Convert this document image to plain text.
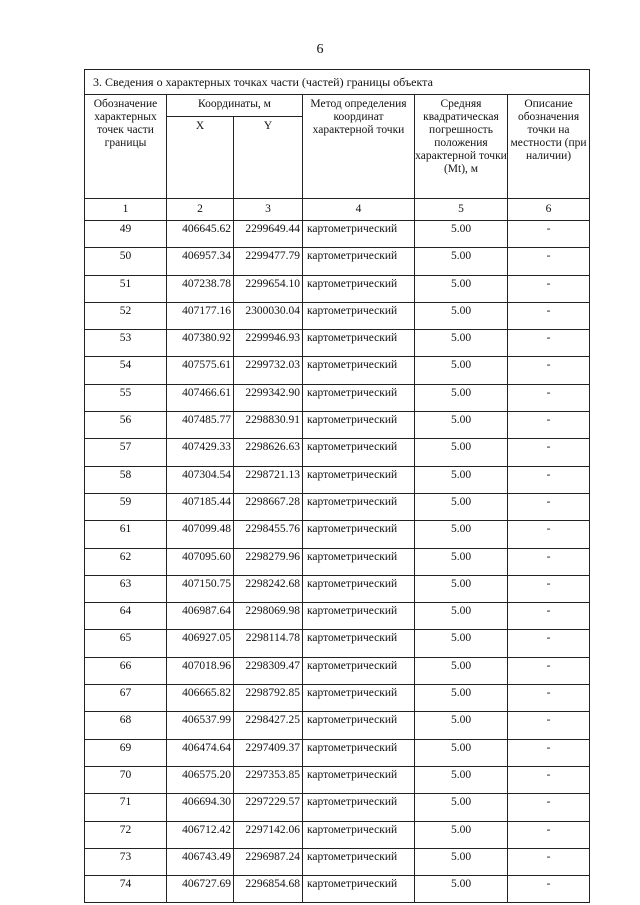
6
3. Сведения о характерных точках части (частей) границы объекта					
Обозначение характерных точек части границы	Координаты, м		Метод определения координат характерной точки	Средняя квадратическая погрешность положения характерной точки (Mt), м	Описание обозначения точки на местности (при наличии)
	X	Y			
1	2	3	4	5	6
49	406645.62	2299649.44	картометрический	5.00	-
50	406957.34	2299477.79	картометрический	5.00	-
51	407238.78	2299654.10	картометрический	5.00	-
52	407177.16	2300030.04	картометрический	5.00	-
53	407380.92	2299946.93	картометрический	5.00	-
54	407575.61	2299732.03	картометрический	5.00	-
55	407466.61	2299342.90	картометрический	5.00	-
56	407485.77	2298830.91	картометрический	5.00	-
57	407429.33	2298626.63	картометрический	5.00	-
58	407304.54	2298721.13	картометрический	5.00	-
59	407185.44	2298667.28	картометрический	5.00	-
61	407099.48	2298455.76	картометрический	5.00	-
62	407095.60	2298279.96	картометрический	5.00	-
63	407150.75	2298242.68	картометрический	5.00	-
64	406987.64	2298069.98	картометрический	5.00	-
65	406927.05	2298114.78	картометрический	5.00	-
66	407018.96	2298309.47	картометрический	5.00	-
67	406665.82	2298792.85	картометрический	5.00	-
68	406537.99	2298427.25	картометрический	5.00	-
69	406474.64	2297409.37	картометрический	5.00	-
70	406575.20	2297353.85	картометрический	5.00	-
71	406694.30	2297229.57	картометрический	5.00	-
72	406712.42	2297142.06	картометрический	5.00	-
73	406743.49	2296987.24	картометрический	5.00	-
74	406727.69	2296854.68	картометрический	5.00	-
